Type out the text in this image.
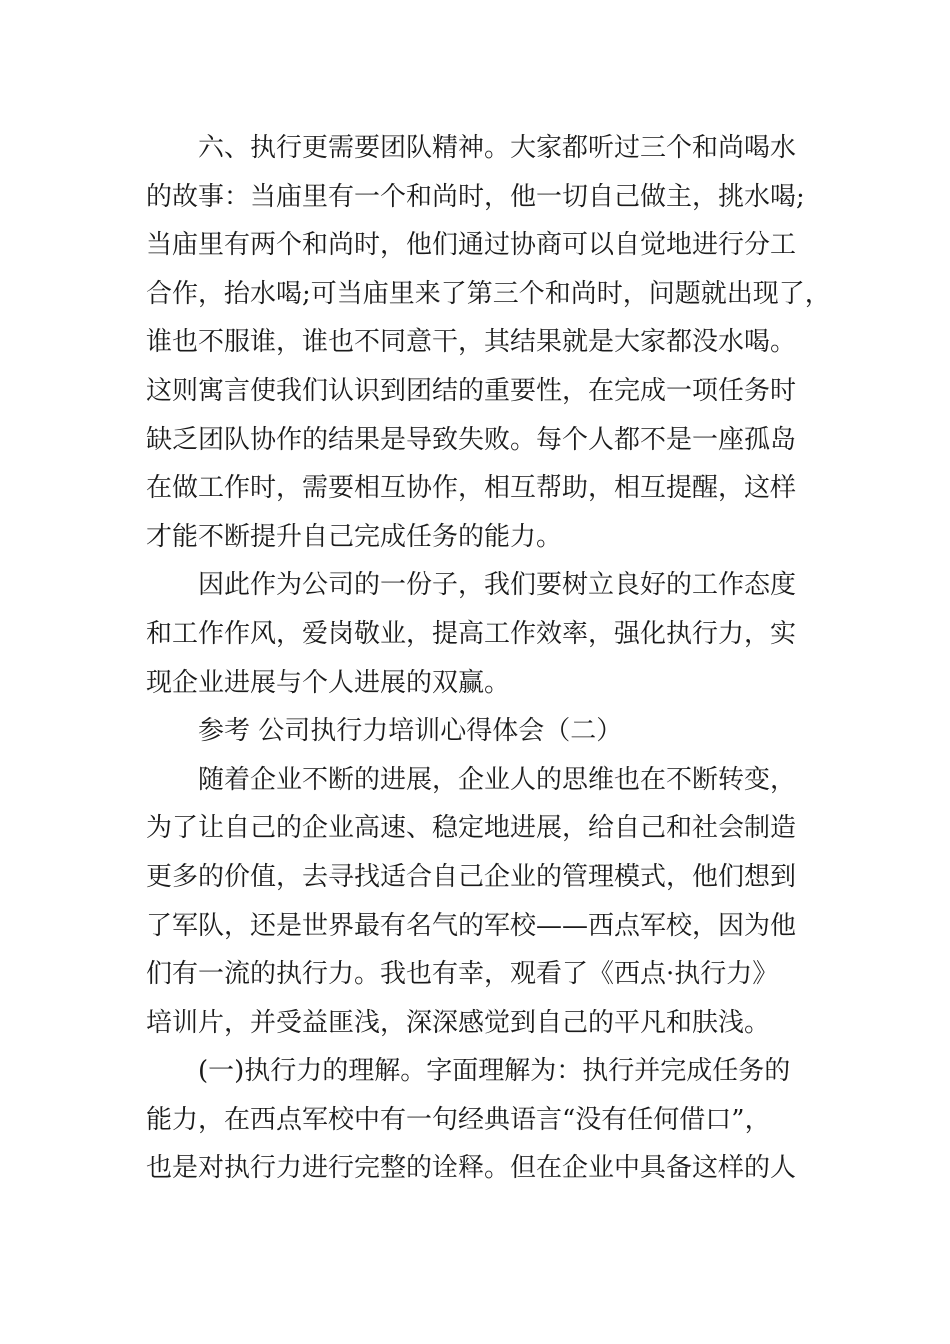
六、执行更需要团队精神。大家都听过三个和尚喝水
的故事：当庙里有一个和尚时，他一切自己做主，挑水喝;
当庙里有两个和尚时，他们通过协商可以自觉地进行分工
合作，抬水喝;可当庙里来了第三个和尚时，问题就出现了，
谁也不服谁，谁也不同意干，其结果就是大家都没水喝。
这则寓言使我们认识到团结的重要性，在完成一项任务时
缺乏团队协作的结果是导致失败。每个人都不是一座孤岛
在做工作时，需要相互协作，相互帮助，相互提醒，这样
才能不断提升自己完成任务的能力。
因此作为公司的一份子，我们要树立良好的工作态度
和工作作风，爱岗敬业，提高工作效率，强化执行力，实
现企业进展与个人进展的双赢。
参考 公司执行力培训心得体会（二）
随着企业不断的进展，企业人的思维也在不断转变，
为了让自己的企业高速、稳定地进展，给自己和社会制造
更多的价值，去寻找适合自己企业的管理模式，他们想到
了军队，还是世界最有名气的军校——西点军校，因为他
们有一流的执行力。我也有幸，观看了《西点·执行力》
培训片，并受益匪浅，深深感觉到自己的平凡和肤浅。
(一)执行力的理解。字面理解为：执行并完成任务的
能力，在西点军校中有一句经典语言“没有任何借口”，
也是对执行力进行完整的诠释。但在企业中具备这样的人
